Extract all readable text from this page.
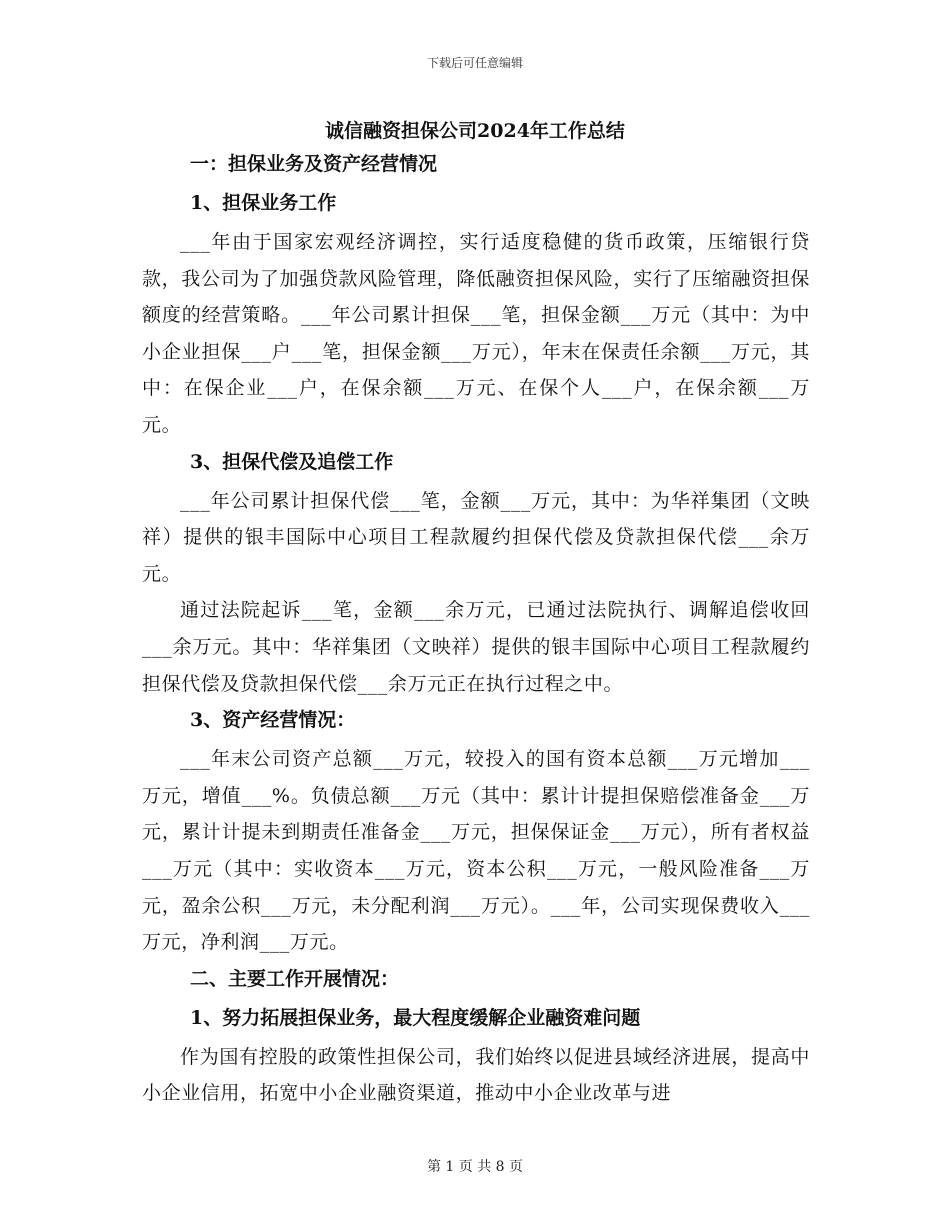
下载后可任意编辑
诚信融资担保公司2024年工作总结
一：担保业务及资产经营情况
1、担保业务工作

___年由于国家宏观经济调控，实行适度稳健的货币政策，压缩银行贷款，我公司为了加强贷款风险管理，降低融资担保风险，实行了压缩融资担保额度的经营策略。___年公司累计担保___笔，担保金额___万元（其中：为中小企业担保___户___笔，担保金额___万元），年末在保责任余额___万元，其中：在保企业___户，在保余额___万元、在保个人___户，在保余额___万元。

3、担保代偿及追偿工作

___年公司累计担保代偿___笔，金额___万元，其中：为华祥集团（文映祥）提供的银丰国际中心项目工程款履约担保代偿及贷款担保代偿___余万元。

通过法院起诉___笔，金额___余万元，已通过法院执行、调解追偿收回___余万元。其中：华祥集团（文映祥）提供的银丰国际中心项目工程款履约担保代偿及贷款担保代偿___余万元正在执行过程之中。

3、资产经营情况：

___年末公司资产总额___万元，较投入的国有资本总额___万元增加___万元，增值___%。负债总额___万元（其中：累计计提担保赔偿准备金___万元，累计计提未到期责任准备金___万元，担保保证金___万元），所有者权益___万元（其中：实收资本___万元，资本公积___万元，一般风险准备___万元，盈余公积___万元，未分配利润___万元）。___年，公司实现保费收入___万元，净利润___万元。

二、主要工作开展情况：
1、努力拓展担保业务，最大程度缓解企业融资难问题

作为国有控股的政策性担保公司，我们始终以促进县域经济进展，提高中小企业信用，拓宽中小企业融资渠道，推动中小企业改革与进

第 1 页 共 8 页
